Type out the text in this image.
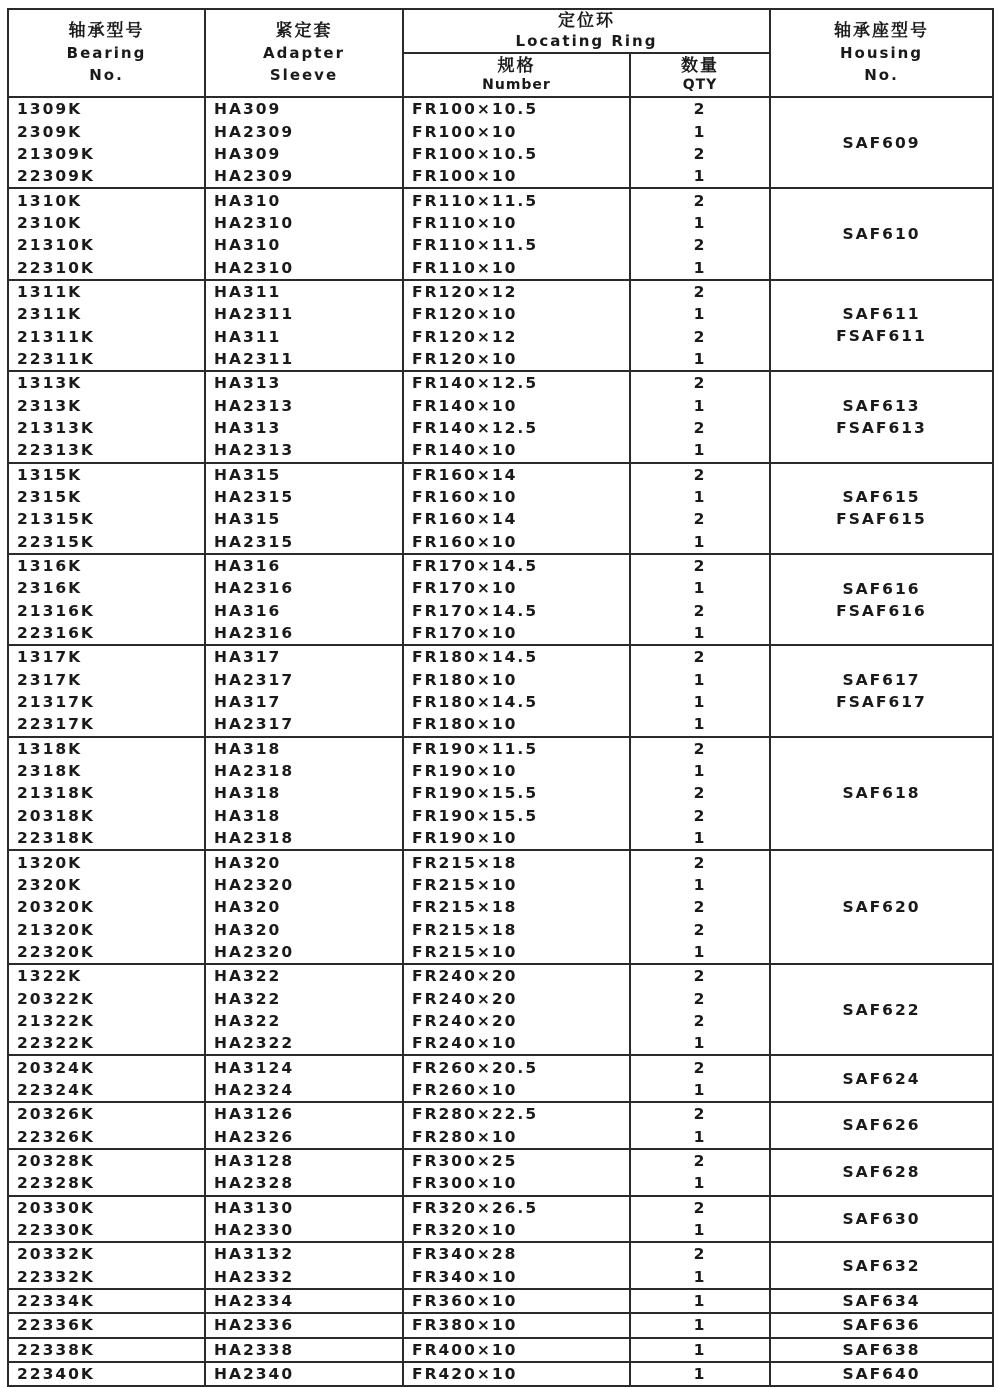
轴承型号
Bearing
No.	紧定套
Adapter
Sleeve	定位环
Locating Ring		轴承座型号
Housing
No.

		规格
Number	数量
QTY	

1309K	HA309	FR100×10.5	2	SAF609

2309K	HA2309	FR100×10	1	
21309K	HA309	FR100×10.5	2	
22309K	HA2309	FR100×10	1	
1310K	HA310	FR110×11.5	2	SAF610

2310K	HA2310	FR110×10	1	
21310K	HA310	FR110×11.5	2	
22310K	HA2310	FR110×10	1	
1311K	HA311	FR120×12	2	SAF611
FSAF611

2311K	HA2311	FR120×10	1	
21311K	HA311	FR120×12	2	
22311K	HA2311	FR120×10	1	
1313K	HA313	FR140×12.5	2	SAF613
FSAF613

2313K	HA2313	FR140×10	1	
21313K	HA313	FR140×12.5	2	
22313K	HA2313	FR140×10	1	
1315K	HA315	FR160×14	2	SAF615
FSAF615

2315K	HA2315	FR160×10	1	
21315K	HA315	FR160×14	2	
22315K	HA2315	FR160×10	1	
1316K	HA316	FR170×14.5	2	SAF616
FSAF616

2316K	HA2316	FR170×10	1	
21316K	HA316	FR170×14.5	2	
22316K	HA2316	FR170×10	1	
1317K	HA317	FR180×14.5	2	SAF617
FSAF617

2317K	HA2317	FR180×10	1	
21317K	HA317	FR180×14.5	1	
22317K	HA2317	FR180×10	1	
1318K	HA318	FR190×11.5	2	SAF618

2318K	HA2318	FR190×10	1	
21318K	HA318	FR190×15.5	2	
20318K	HA318	FR190×15.5	2	
22318K	HA2318	FR190×10	1	
1320K	HA320	FR215×18	2	SAF620

2320K	HA2320	FR215×10	1	
20320K	HA320	FR215×18	2	
21320K	HA320	FR215×18	2	
22320K	HA2320	FR215×10	1	
1322K	HA322	FR240×20	2	SAF622

20322K	HA322	FR240×20	2	
21322K	HA322	FR240×20	2	
22322K	HA2322	FR240×10	1	
20324K	HA3124	FR260×20.5	2	SAF624

22324K	HA2324	FR260×10	1	
20326K	HA3126	FR280×22.5	2	SAF626

22326K	HA2326	FR280×10	1	
20328K	HA3128	FR300×25	2	SAF628

22328K	HA2328	FR300×10	1	
20330K	HA3130	FR320×26.5	2	SAF630

22330K	HA2330	FR320×10	1	
20332K	HA3132	FR340×28	2	SAF632

22332K	HA2332	FR340×10	1	
22334K	HA2334	FR360×10	1	SAF634

22336K	HA2336	FR380×10	1	SAF636

22338K	HA2338	FR400×10	1	SAF638

22340K	HA2340	FR420×10	1	SAF640
